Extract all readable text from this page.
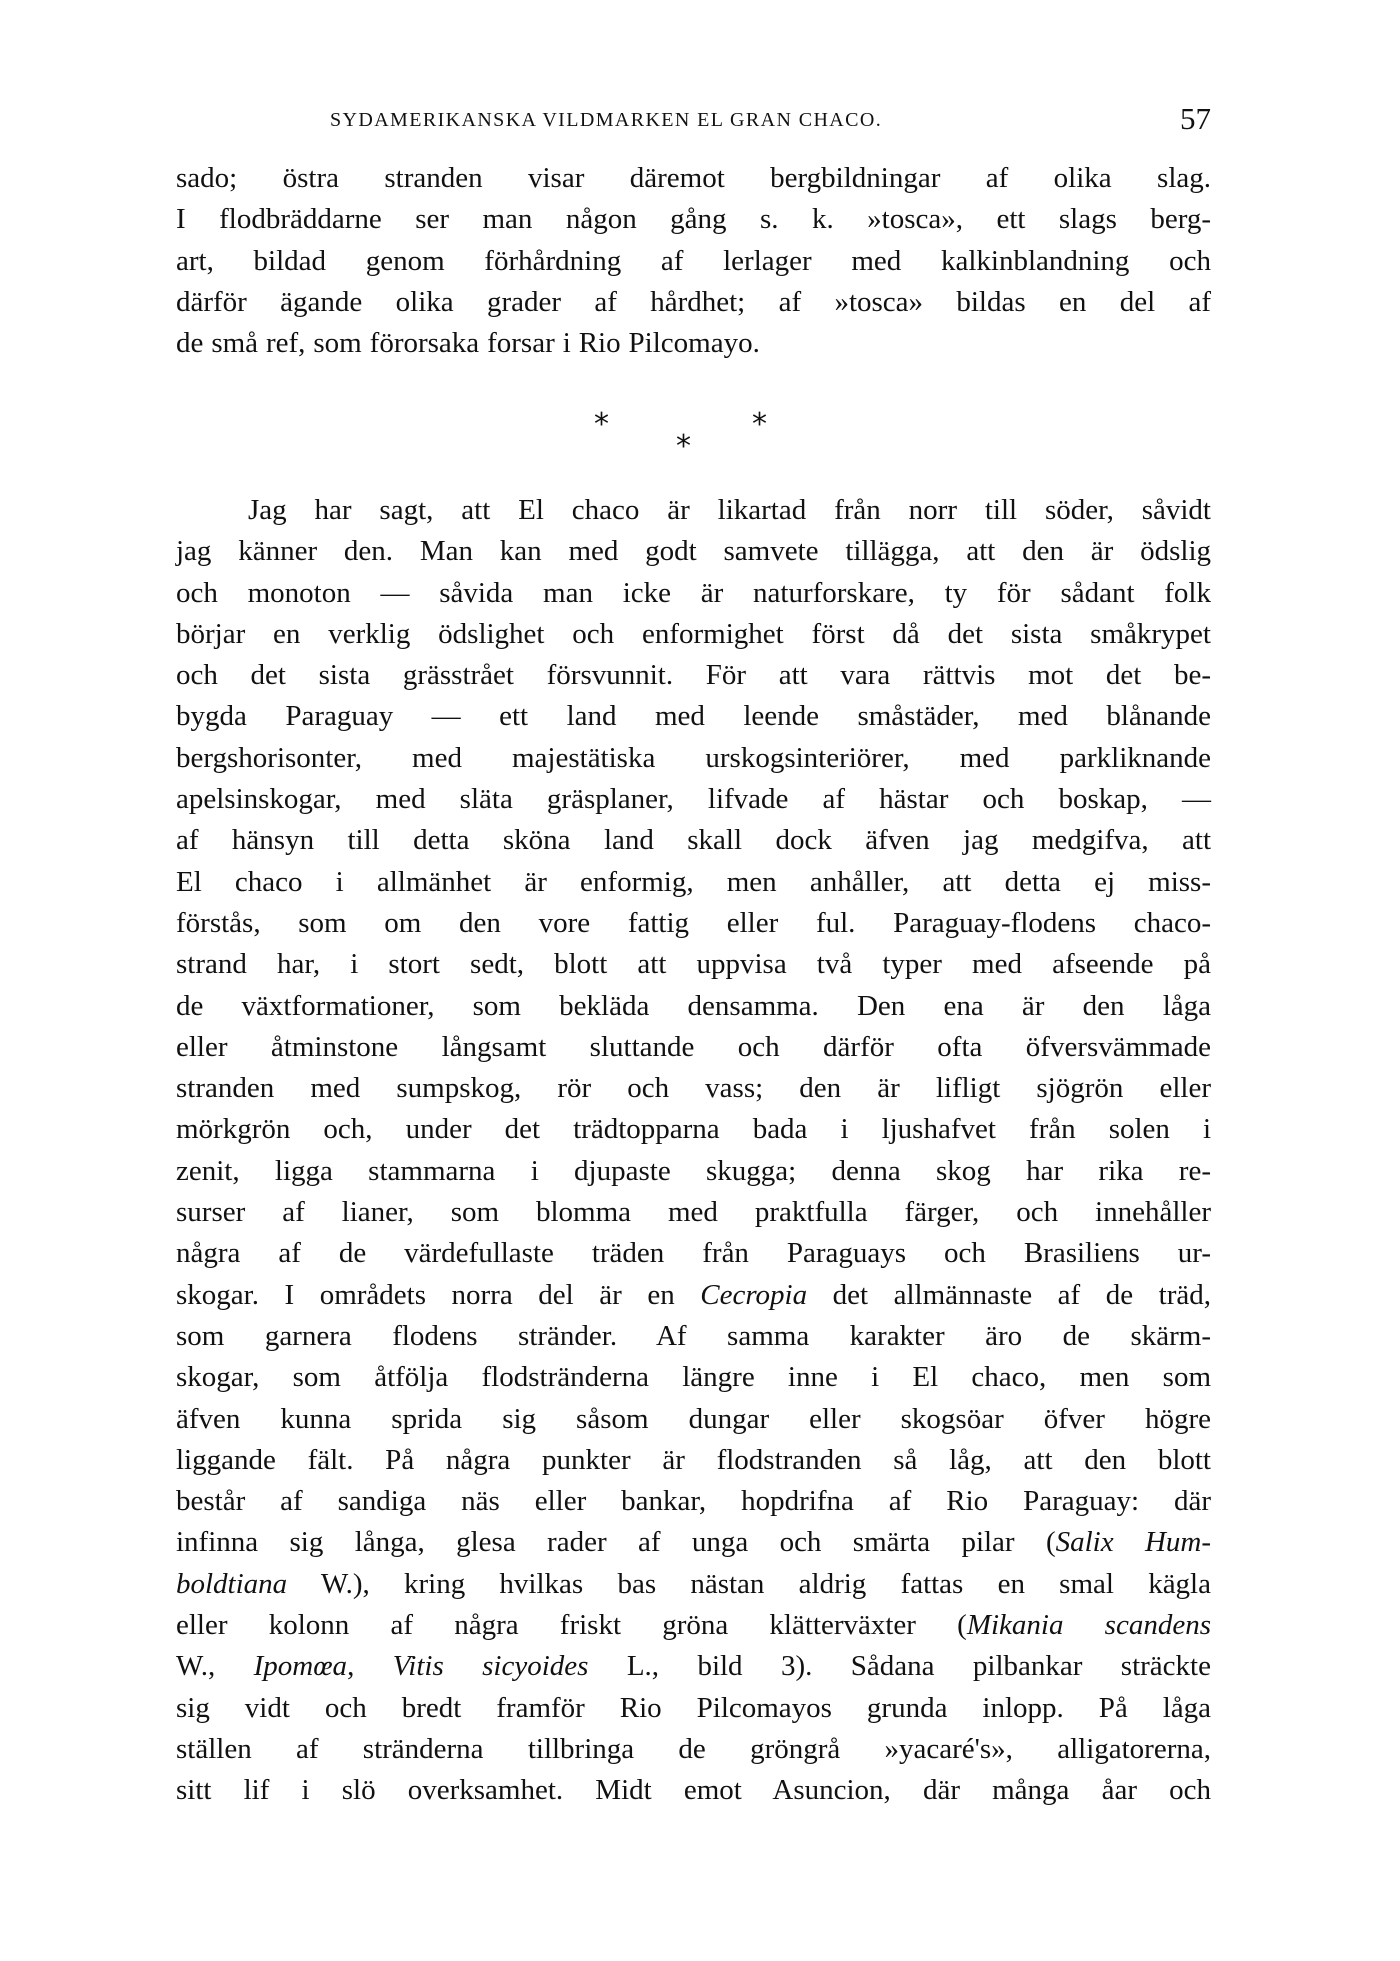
SYDAMERIKANSKA VILDMARKEN EL GRAN CHACO.	57
sado; östra stranden visar däremot bergbildningar af olika slag.
I flodbräddarne ser man någon gång s. k. »tosca», ett slags berg-
art, bildad genom förhårdning af lerlager med kalkinblandning och
därför ägande olika grader af hårdhet; af »tosca» bildas en del af
de små ref, som förorsaka forsar i Rio Pilcomayo.
*
*
*
Jag har sagt, att El chaco är likartad från norr till söder, såvidt
jag känner den. Man kan med godt samvete tillägga, att den är ödslig
och monoton — såvida man icke är naturforskare, ty för sådant folk
börjar en verklig ödslighet och enformighet först då det sista småkrypet
och det sista grässtrået försvunnit. För att vara rättvis mot det be-
bygda Paraguay — ett land med leende småstäder, med blånande
bergshorisonter, med majestätiska urskogsinteriörer, med parkliknande
apelsinskogar, med släta gräsplaner, lifvade af hästar och boskap, —
af hänsyn till detta sköna land skall dock äfven jag medgifva, att
El chaco i allmänhet är enformig, men anhåller, att detta ej miss-
förstås, som om den vore fattig eller ful. Paraguay-flodens chaco-
strand har, i stort sedt, blott att uppvisa två typer med afseende på
de växtformationer, som bekläda densamma. Den ena är den låga
eller åtminstone långsamt sluttande och därför ofta öfversvämmade
stranden med sumpskog, rör och vass; den är lifligt sjögrön eller
mörkgrön och, under det trädtopparna bada i ljushafvet från solen i
zenit, ligga stammarna i djupaste skugga; denna skog har rika re-
surser af lianer, som blomma med praktfulla färger, och innehåller
några af de värdefullaste träden från Paraguays och Brasiliens ur-
skogar. I områdets norra del är en Cecropia det allmännaste af de träd,
som garnera flodens stränder. Af samma karakter äro de skärm-
skogar, som åtfölja flodstränderna längre inne i El chaco, men som
äfven kunna sprida sig såsom dungar eller skogsöar öfver högre
liggande fält. På några punkter är flodstranden så låg, att den blott
består af sandiga näs eller bankar, hopdrifna af Rio Paraguay: där
infinna sig långa, glesa rader af unga och smärta pilar (Salix Hum-
boldtiana W.), kring hvilkas bas nästan aldrig fattas en smal kägla
eller kolonn af några friskt gröna klätterväxter (Mikania scandens
W., Ipomœa, Vitis sicyoides L., bild 3). Sådana pilbankar sträckte
sig vidt och bredt framför Rio Pilcomayos grunda inlopp. På låga
ställen af stränderna tillbringa de gröngrå »yacaré's», alligatorerna,
sitt lif i slö overksamhet. Midt emot Asuncion, där många åar och
